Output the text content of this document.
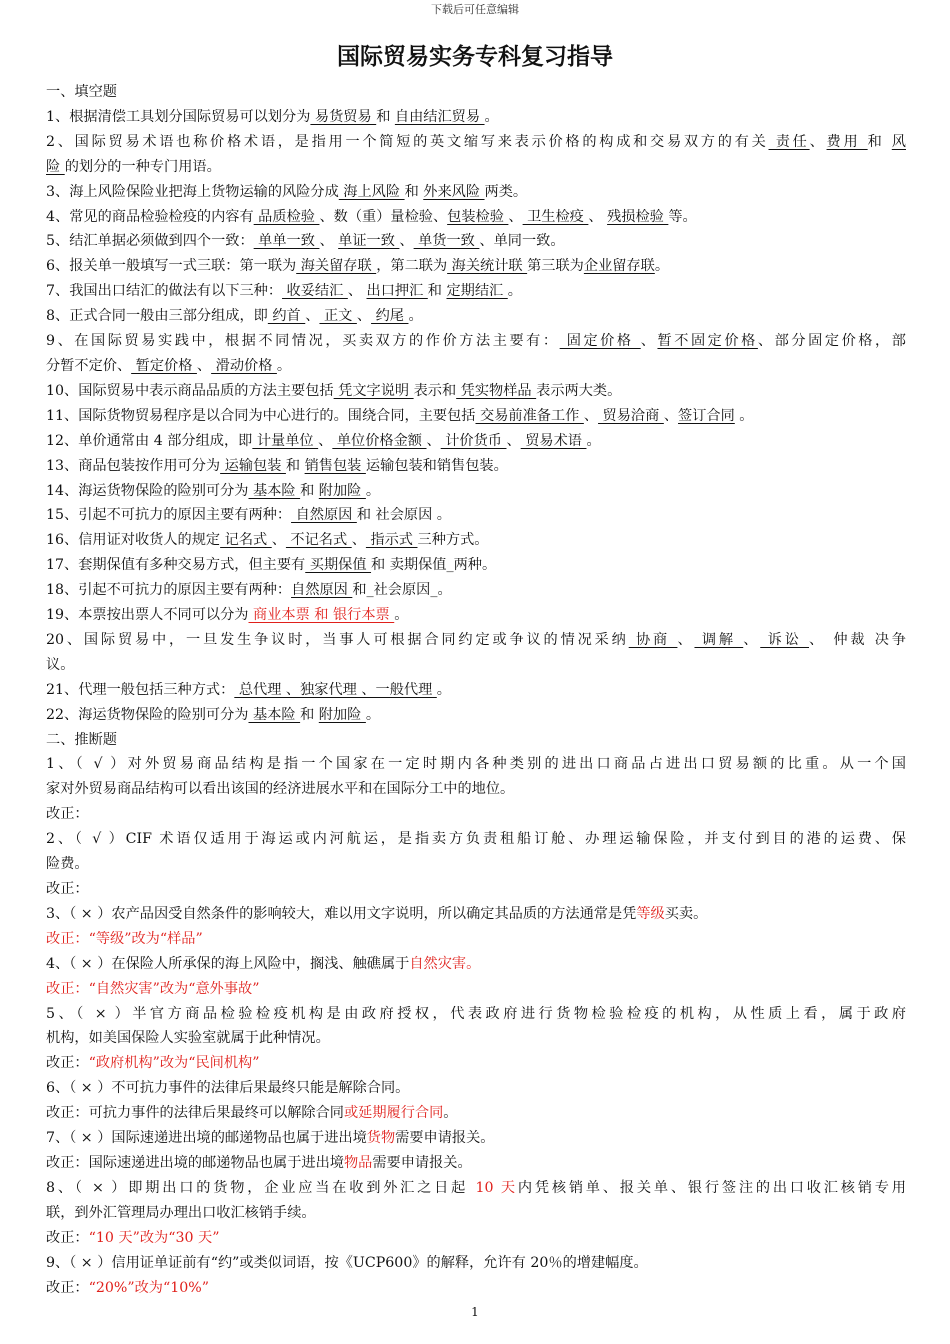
下载后可任意编辑
国际贸易实务专科复习指导
一、填空题
1、根据清偿工具划分国际贸易可以划分为 易货贸易 和 自由结汇贸易 。
2、国际贸易术语也称价格术语，是指用一个简短的英文缩写来表示价格的构成和交易双方的有关 责任、费用 和 风
险 的划分的一种专门用语。
3、海上风险保险业把海上货物运输的风险分成 海上风险 和 外来风险 两类。
4、常见的商品检验检疫的内容有 品质检验 、数（重）量检验、包装检验 、 卫生检疫 、 残损检验 等。
5、结汇单据必须做到四个一致： 单单一致 、 单证一致 、 单货一致 、单同一致。
6、报关单一般填写一式三联：第一联为 海关留存联 ，第二联为 海关统计联 第三联为企业留存联。
7、我国出口结汇的做法有以下三种： 收妥结汇 、 出口押汇 和 定期结汇 。
8、正式合同一般由三部分组成，即 约首 、 正文 、 约尾 。
9、在国际贸易实践中，根据不同情况，买卖双方的作价方法主要有： 固定价格 、暂不固定价格、部分固定价格，部
分暂不定价、 暂定价格 、 滑动价格 。
10、国际贸易中表示商品品质的方法主要包括 凭文字说明 表示和 凭实物样品 表示两大类。
11、国际货物贸易程序是以合同为中心进行的。围绕合同，主要包括 交易前准备工作 、 贸易洽商 、签订合同 。
12、单价通常由 4 部分组成，即 计量单位 、 单位价格金额 、 计价货币 、 贸易术语 。
13、商品包装按作用可分为 运输包装 和 销售包装 运输包装和销售包装。
14、海运货物保险的险别可分为 基本险 和 附加险 。
15、引起不可抗力的原因主要有两种： 自然原因 和 社会原因 。
16、信用证对收货人的规定 记名式 、 不记名式 、 指示式 三种方式。
17、套期保值有多种交易方式，但主要有 买期保值 和 卖期保值_两种。
18、引起不可抗力的原因主要有两种：自然原因 和_社会原因_。
19、本票按出票人不同可以分为 商业本票 和 银行本票 。
20、国际贸易中，一旦发生争议时，当事人可根据合同约定或争议的情况采纳 协商 、 调解 、 诉讼 、 仲裁 决争
议。
21、代理一般包括三种方式： 总代理 、独家代理 、一般代理 。
22、海运货物保险的险别可分为 基本险 和 附加险 。
二、推断题
1、（ √ ）对外贸易商品结构是指一个国家在一定时期内各种类别的进出口商品占进出口贸易额的比重。从一个国
家对外贸易商品结构可以看出该国的经济进展水平和在国际分工中的地位。
改正：
2、（ √ ）CIF 术语仅适用于海运或内河航运，是指卖方负责租船订舱、办理运输保险，并支付到目的港的运费、保
险费。
改正：
3、（ × ）农产品因受自然条件的影响较大，难以用文字说明，所以确定其品质的方法通常是凭等级买卖。
改正：“等级”改为“样品”
4、（ × ）在保险人所承保的海上风险中，搁浅、触礁属于自然灾害。
改正：“自然灾害”改为“意外事故”
5、（ × ）半官方商品检验检疫机构是由政府授权，代表政府进行货物检验检疫的机构，从性质上看，属于政府
机构，如美国保险人实验室就属于此种情况。
改正：“政府机构”改为“民间机构”
6、（ × ）不可抗力事件的法律后果最终只能是解除合同。
改正：可抗力事件的法律后果最终可以解除合同或延期履行合同。
7、（ × ）国际速递进出境的邮递物品也属于进出境货物需要申请报关。
改正：国际速递进出境的邮递物品也属于进出境物品需要申请报关。
8、（ × ）即期出口的货物，企业应当在收到外汇之日起 10 天内凭核销单、报关单、银行签注的出口收汇核销专用
联，到外汇管理局办理出口收汇核销手续。
改正：“10 天”改为“30 天”
9、（ × ）信用证单证前有“约”或类似词语，按《UCP600》的解释，允许有 20％的增建幅度。
改正：“20%”改为“10%”
1
